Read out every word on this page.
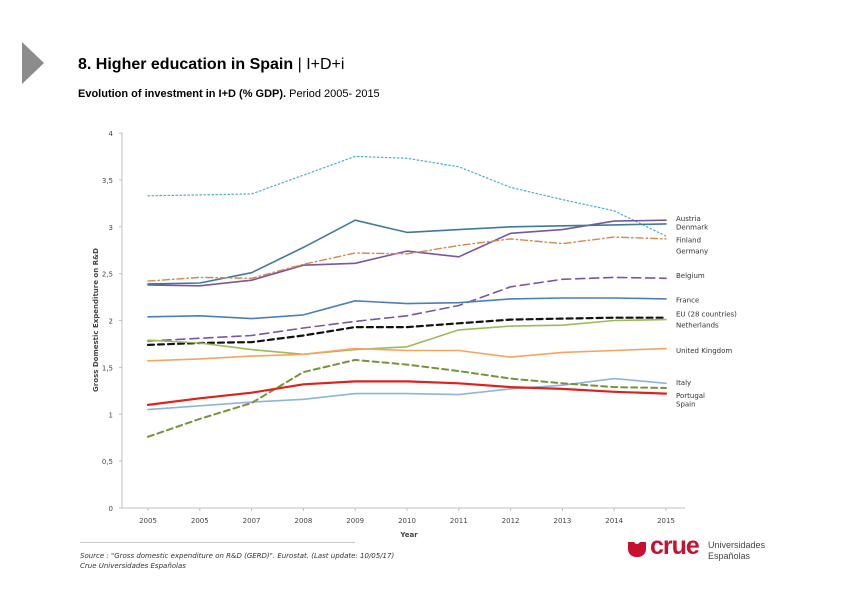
8. Higher education in Spain | I+D+i
Evolution of investment in I+D (% GDP). Period 2005- 2015
0
0,5
1
1,5
2
2,5
3
3,5
4
2005	2005	2007	2008	2009	2010	2011	2012	2013	2014	2015
Year
Gross Domestic Expenditure on R&D
Austria
Denmark
Finland
Germany
Belgium
France
EU (28 countries)
Netherlands
United Kingdom
Italy
Portugal
Spain
Source : "Gross domestic expenditure on R&D (GERD)". Eurostat. (Last update: 10/05/17)
Crue Universidades Españolas
crue Universidades
Españolas
